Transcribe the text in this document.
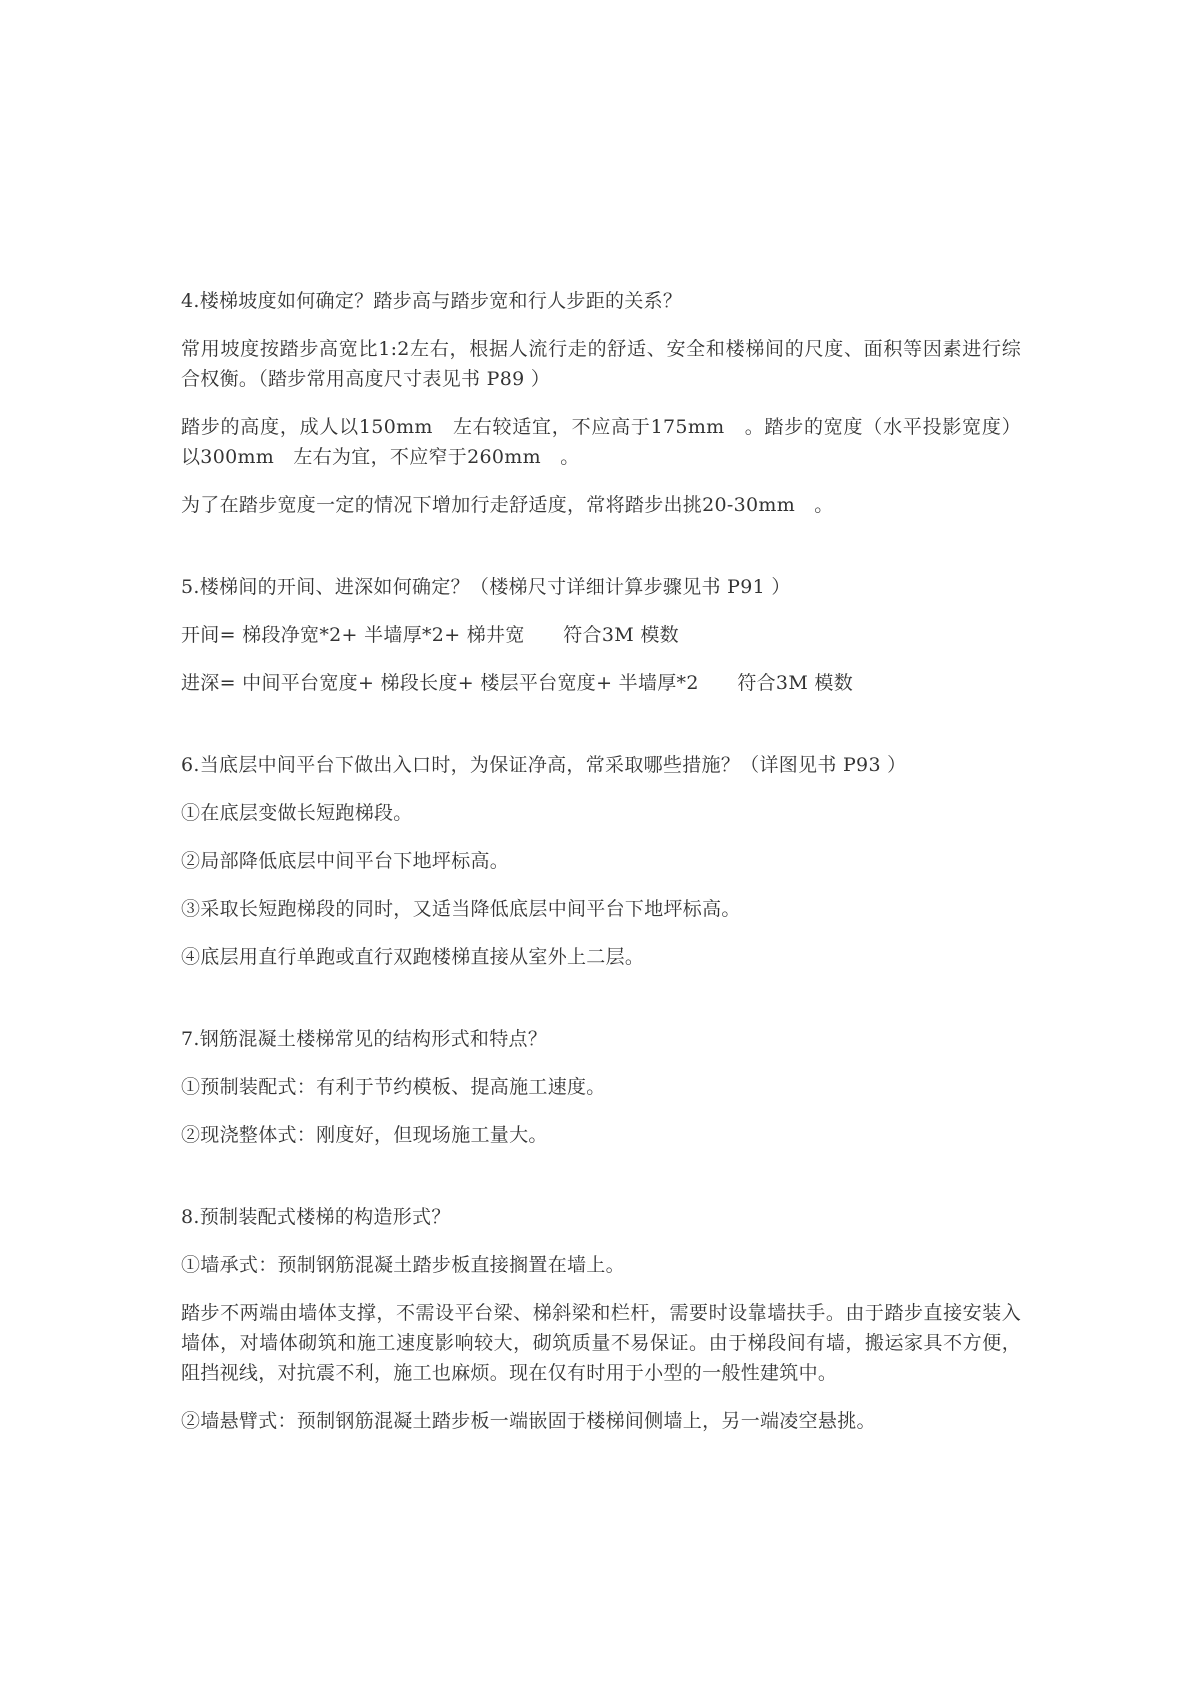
4.楼梯坡度如何确定？踏步高与踏步宽和行人步距的关系？

常用坡度按踏步高宽比1:2左右，根据人流行走的舒适、安全和楼梯间的尺度、面积等因素进行综合权衡。（踏步常用高度尺寸表见书 P89 ）

踏步的高度，成人以150mm　左右较适宜，不应高于175mm　。踏步的宽度（水平投影宽度）以300mm　左右为宜，不应窄于260mm　。

为了在踏步宽度一定的情况下增加行走舒适度，常将踏步出挑20-30mm　。

5.楼梯间的开间、进深如何确定？（楼梯尺寸详细计算步骤见书 P91 ）

开间= 梯段净宽*2+ 半墙厚*2+ 梯井宽　　符合3M 模数

进深= 中间平台宽度+ 梯段长度+ 楼层平台宽度+ 半墙厚*2　　符合3M 模数

6.当底层中间平台下做出入口时，为保证净高，常采取哪些措施？（详图见书 P93 ）

①在底层变做长短跑梯段。

②局部降低底层中间平台下地坪标高。

③采取长短跑梯段的同时，又适当降低底层中间平台下地坪标高。

④底层用直行单跑或直行双跑楼梯直接从室外上二层。

7.钢筋混凝土楼梯常见的结构形式和特点？

①预制装配式：有利于节约模板、提高施工速度。

②现浇整体式：刚度好，但现场施工量大。

8.预制装配式楼梯的构造形式？

①墙承式：预制钢筋混凝土踏步板直接搁置在墙上。

踏步不两端由墙体支撑，不需设平台梁、梯斜梁和栏杆，需要时设靠墙扶手。由于踏步直接安装入墙体，对墙体砌筑和施工速度影响较大，砌筑质量不易保证。由于梯段间有墙，搬运家具不方便，阻挡视线，对抗震不利，施工也麻烦。现在仅有时用于小型的一般性建筑中。

②墙悬臂式：预制钢筋混凝土踏步板一端嵌固于楼梯间侧墙上，另一端凌空悬挑。
